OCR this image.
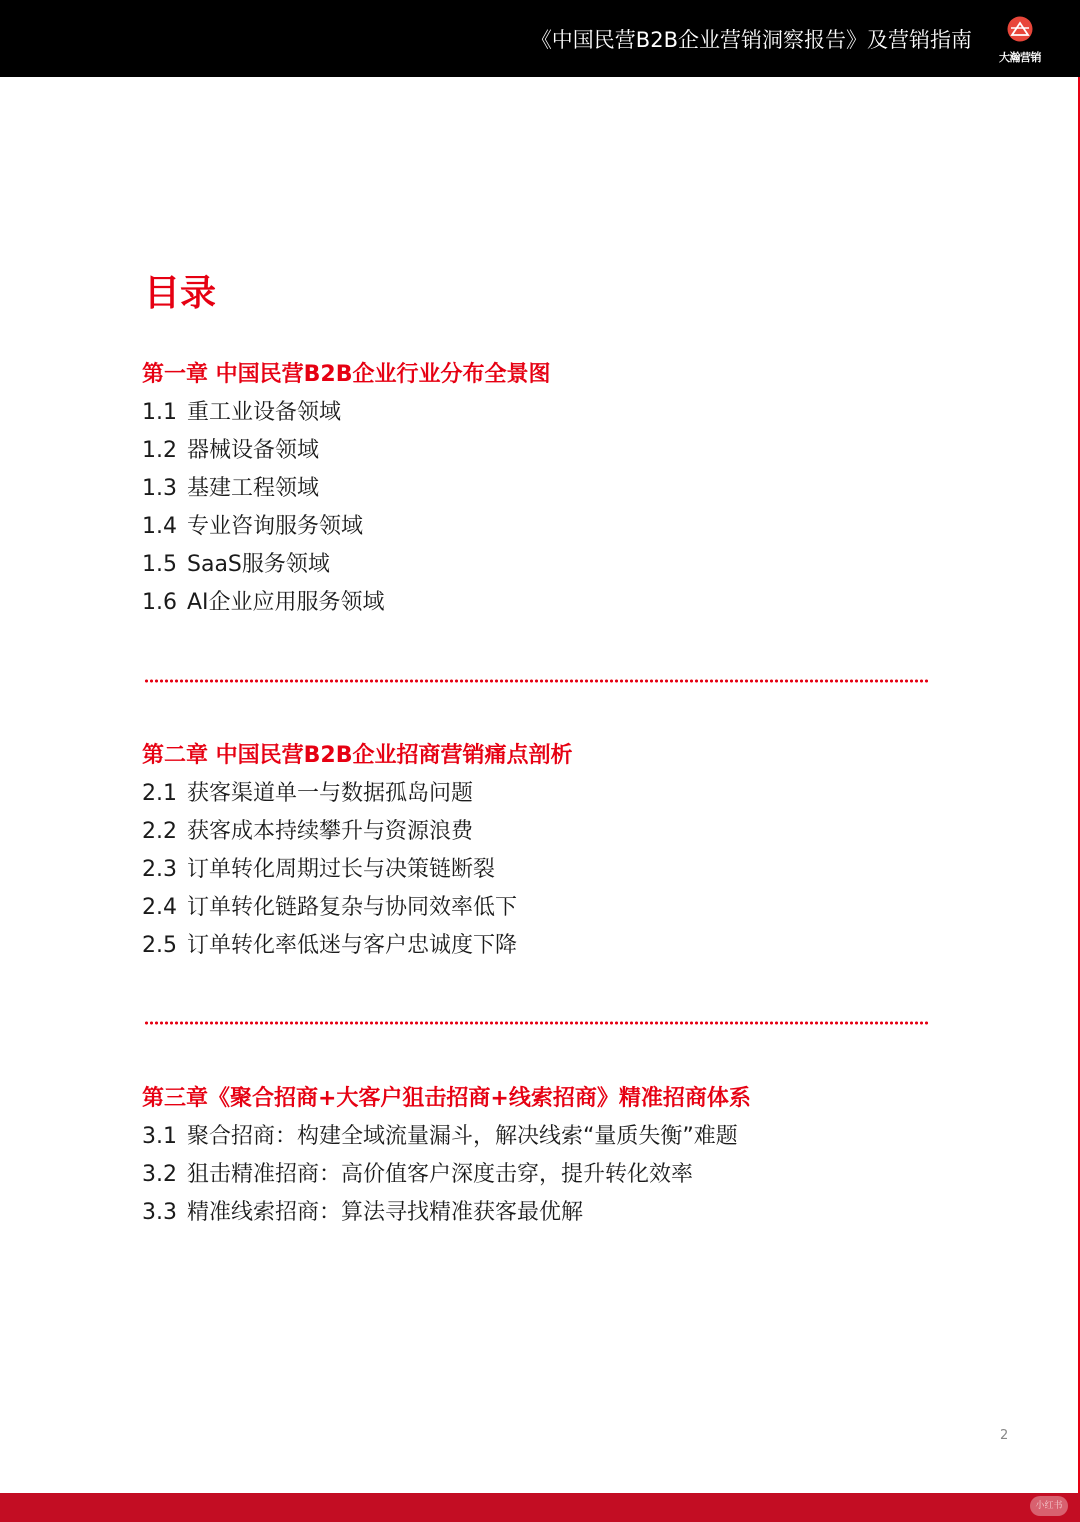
《中国民营B2B企业营销洞察报告》及营销指南
大瀚营销
目录
第一章 中国民营B2B企业行业分布全景图
1.1 重工业设备领域
1.2 器械设备领域
1.3 基建工程领域
1.4 专业咨询服务领域
1.5 SaaS服务领域
1.6 AI企业应用服务领域
第二章 中国民营B2B企业招商营销痛点剖析
2.1 获客渠道单一与数据孤岛问题
2.2 获客成本持续攀升与资源浪费
2.3 订单转化周期过长与决策链断裂
2.4 订单转化链路复杂与协同效率低下
2.5 订单转化率低迷与客户忠诚度下降
第三章《聚合招商+大客户狙击招商+线索招商》精准招商体系
3.1 聚合招商：构建全域流量漏斗，解决线索“量质失衡”难题
3.2 狙击精准招商：高价值客户深度击穿，提升转化效率
3.3 精准线索招商：算法寻找精准获客最优解
2
小红书
